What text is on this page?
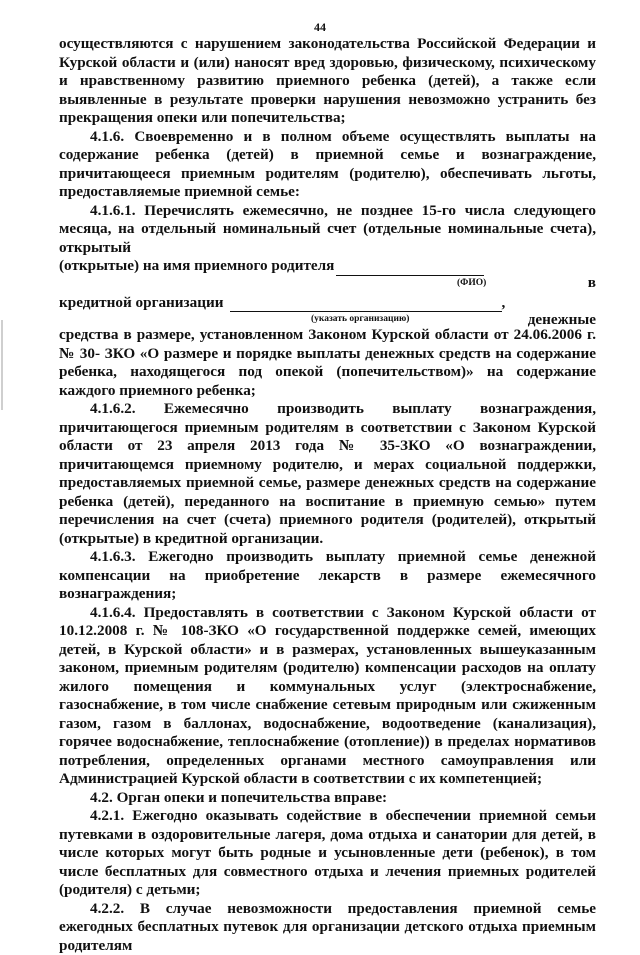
44

осуществляются с нарушением законодательства Российской Федерации и Курской области и (или) наносят вред здоровью, физическому, психическому и нравственному развитию приемного ребенка (детей), а также если выявленные в результате проверки нарушения невозможно устранить без прекращения опеки или попечительства;

4.1.6. Своевременно и в полном объеме осуществлять выплаты на содержание ребенка (детей) в приемной семье и вознаграждение, причитающееся приемным родителям (родителю), обеспечивать льготы, предоставляемые приемной семье:

4.1.6.1. Перечислять ежемесячно, не позднее 15-го числа следующего месяца, на отдельный номинальный счет (отдельные номинальные счета), открытый

(открытые) на имя приемного родителя
(ФИО)	в
кредитной организации	,
(указать организацию)	денежные

средства в размере, установленном Законом Курской области от 24.06.2006 г. № 30- ЗКО «О размере и порядке выплаты денежных средств на содержание ребенка, находящегося под опекой (попечительством)» на содержание каждого приемного ребенка;

4.1.6.2. Ежемесячно производить выплату вознаграждения, причитающегося приемным родителям в соответствии с Законом Курской области от 23 апреля 2013 года № 35-ЗКО «О вознаграждении, причитающемся приемному родителю, и мерах социальной поддержки, предоставляемых приемной семье, размере денежных средств на содержание ребенка (детей), переданного на воспитание в приемную семью» путем перечисления на счет (счета) приемного родителя (родителей), открытый (открытые) в кредитной организации.

4.1.6.3. Ежегодно производить выплату приемной семье денежной компенсации на приобретение лекарств в размере ежемесячного вознаграждения;

4.1.6.4. Предоставлять в соответствии с Законом Курской области от 10.12.2008 г. № 108-ЗКО «О государственной поддержке семей, имеющих детей, в Курской области» и в размерах, установленных вышеуказанным законом, приемным родителям (родителю) компенсации расходов на оплату жилого помещения и коммунальных услуг (электроснабжение, газоснабжение, в том числе снабжение сетевым природным или сжиженным газом, газом в баллонах, водоснабжение, водоотведение (канализация), горячее водоснабжение, теплоснабжение (отопление)) в пределах нормативов потребления, определенных органами местного самоуправления или Администрацией Курской области в соответствии с их компетенцией;

4.2. Орган опеки и попечительства вправе:

4.2.1. Ежегодно оказывать содействие в обеспечении приемной семьи путевками в оздоровительные лагеря, дома отдыха и санатории для детей, в числе которых могут быть родные и усыновленные дети (ребенок), в том числе бесплатных для совместного отдыха и лечения приемных родителей (родителя) с детьми;

4.2.2. В случае невозможности предоставления приемной семье ежегодных бесплатных путевок для организации детского отдыха приемным родителям
